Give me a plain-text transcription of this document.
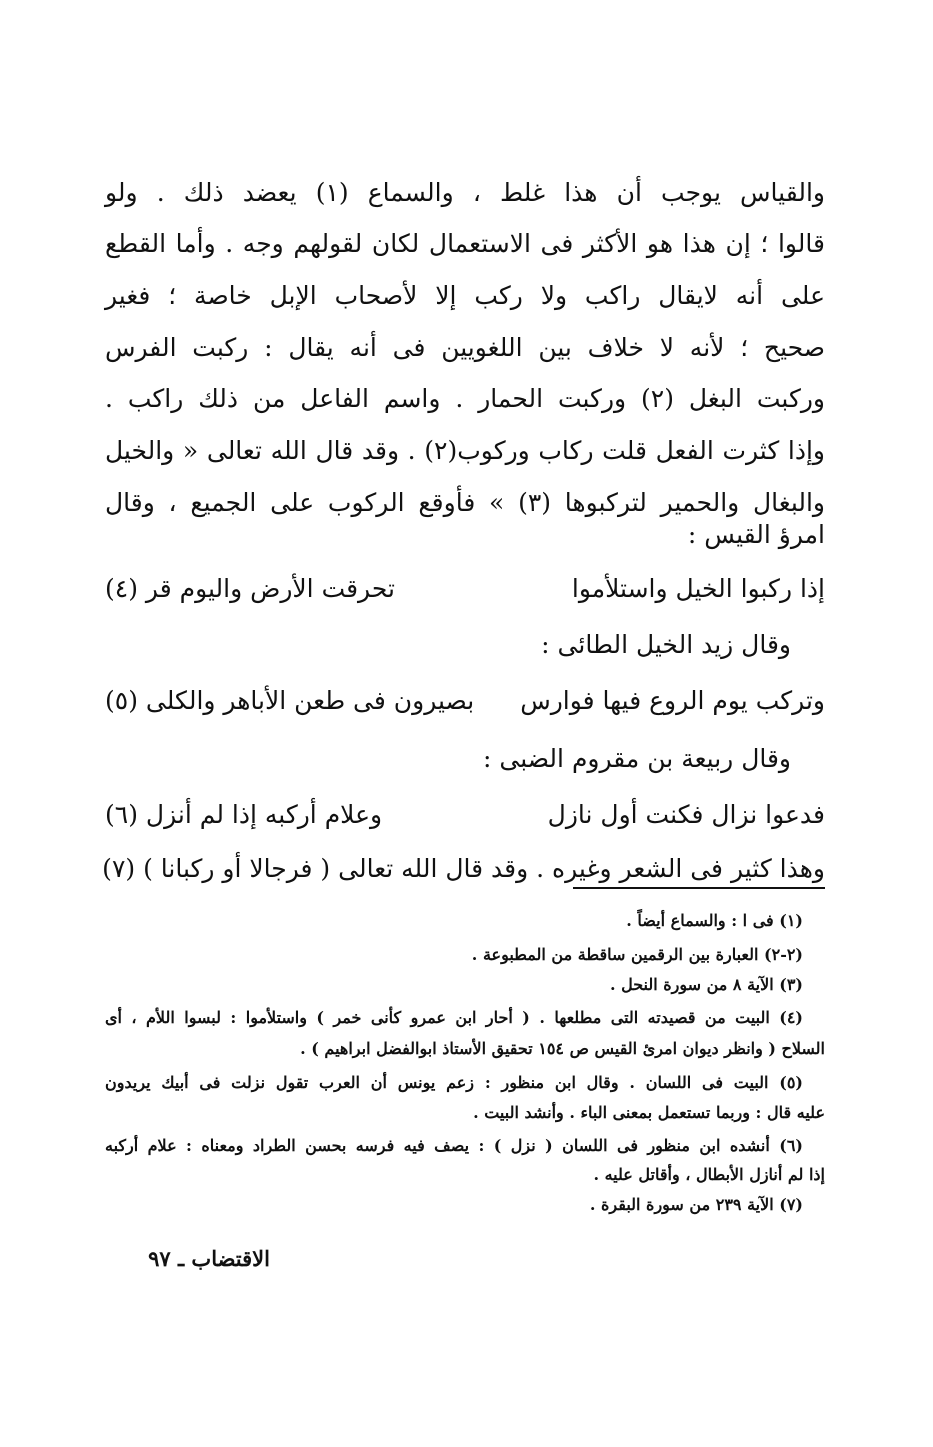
والقياس يوجب أن هذا غلط ، والسماع (١) يعضد ذلك . ولو
قالوا ؛ إن هذا هو الأكثر فى الاستعمال لكان لقولهم وجه . وأما القطع
على أنه لايقال راكب ولا ركب إلا لأصحاب الإبل خاصة ؛ فغير
صحيح ؛ لأنه لا خلاف بين اللغويين فى أنه يقال : ركبت الفرس
وركبت البغل (٢) وركبت الحمار . واسم الفاعل من ذلك راكب .
وإذا كثرت الفعل قلت ركاب وركوب(٢) . وقد قال الله تعالى « والخيل
والبغال والحمير لتركبوها (٣) » فأوقع الركوب على الجميع ، وقال
امرؤ القيس :
إذا ركبوا الخيل واستلأموا
تحرقت الأرض واليوم قر (٤)
وقال زيد الخيل الطائى :
وتركب يوم الروع فيها فوارس
بصيرون فى طعن الأباهر والكلى (٥)
وقال ربيعة بن مقروم الضبى :
فدعوا نزال فكنت أول نازل
وعلام أركبه إذا لم أنزل (٦)
وهذا كثير فى الشعر وغيره . وقد قال الله تعالى ( فرجالا أو ركبانا ) (٧)
(١) فى ا : والسماع أيضاً .
(٢-٢) العبارة بين الرقمين ساقطة من المطبوعة .
(٣) الآية ٨ من سورة النحل .
(٤) البيت من قصيدته التى مطلعها . ( أحار ابن عمرو كأنى خمر ) واستلأموا : لبسوا اللأم ، أى
السلاح ( وانظر ديوان امرئ القيس ص ١٥٤ تحقيق الأستاذ ابوالفضل ابراهيم ) .
(٥) البيت فى اللسان . وقال ابن منظور : زعم يونس أن العرب تقول نزلت فى أبيك يريدون
عليه قال : وربما تستعمل بمعنى الباء . وأنشد البيت .
(٦) أنشده ابن منظور فى اللسان ( نزل ) : يصف فيه فرسه بحسن الطراد ومعناه : علام أركبه
إذا لم أنازل الأبطال ، وأقاتل عليه .
(٧) الآية ٢٣٩ من سورة البقرة .
الاقتضاب ـ ٩٧
